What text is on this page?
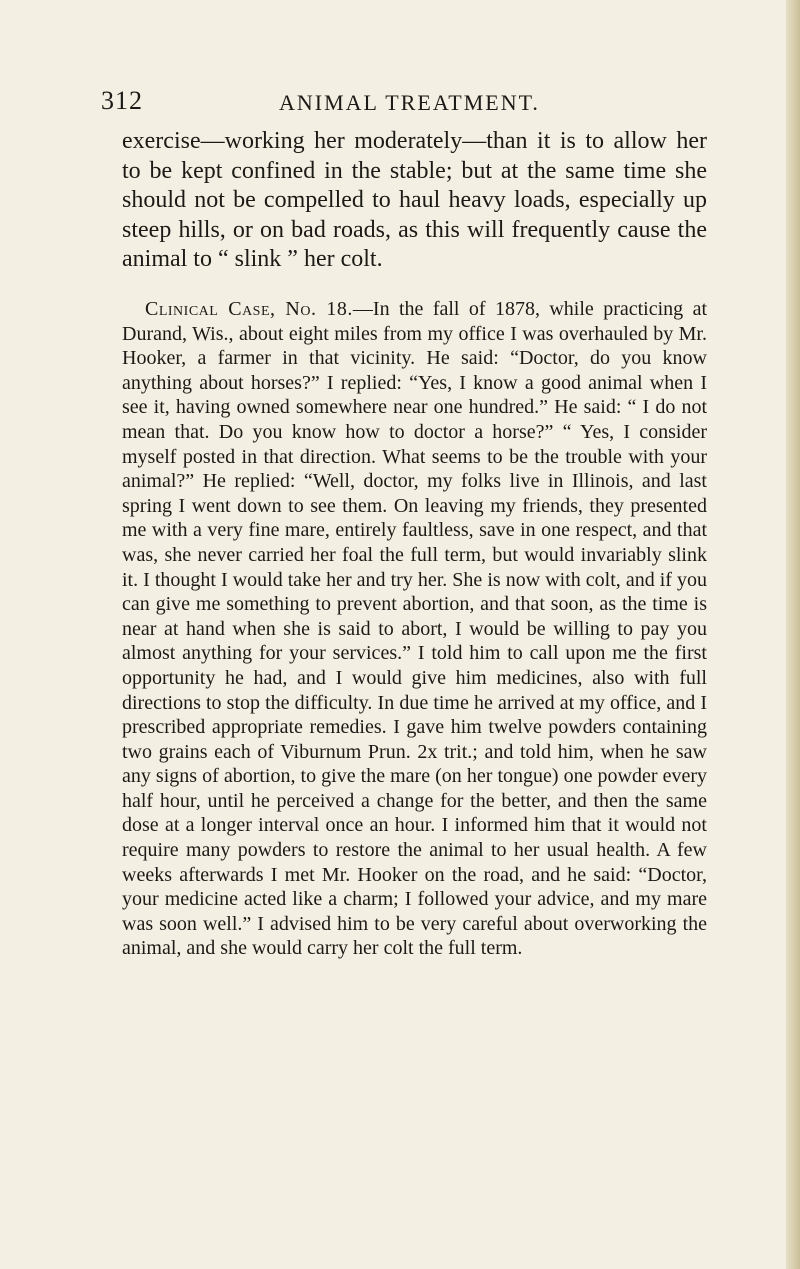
312	ANIMAL TREATMENT.

exercise—working her moderately—than it is to allow her to be kept confined in the stable; but at the same time she should not be compelled to haul heavy loads, especially up steep hills, or on bad roads, as this will frequently cause the animal to “ slink ” her colt.

Clinical Case, No. 18.—In the fall of 1878, while practicing at Durand, Wis., about eight miles from my office I was overhauled by Mr. Hooker, a farmer in that vicinity. He said: “Doctor, do you know anything about horses?” I replied: “Yes, I know a good animal when I see it, having owned somewhere near one hundred.” He said: “ I do not mean that. Do you know how to doctor a horse?” “ Yes, I consider myself posted in that direction. What seems to be the trouble with your animal?” He replied: “Well, doctor, my folks live in Illinois, and last spring I went down to see them. On leaving my friends, they presented me with a very fine mare, entirely faultless, save in one respect, and that was, she never carried her foal the full term, but would invariably slink it. I thought I would take her and try her. She is now with colt, and if you can give me something to prevent abortion, and that soon, as the time is near at hand when she is said to abort, I would be willing to pay you almost anything for your services.” I told him to call upon me the first opportunity he had, and I would give him medicines, also with full directions to stop the difficulty. In due time he arrived at my office, and I prescribed appropriate remedies. I gave him twelve powders containing two grains each of Viburnum Prun. 2x trit.; and told him, when he saw any signs of abortion, to give the mare (on her tongue) one powder every half hour, until he perceived a change for the better, and then the same dose at a longer interval once an hour. I informed him that it would not require many powders to restore the animal to her usual health. A few weeks afterwards I met Mr. Hooker on the road, and he said: “Doctor, your medicine acted like a charm; I followed your advice, and my mare was soon well.” I advised him to be very careful about overworking the animal, and she would carry her colt the full term.
